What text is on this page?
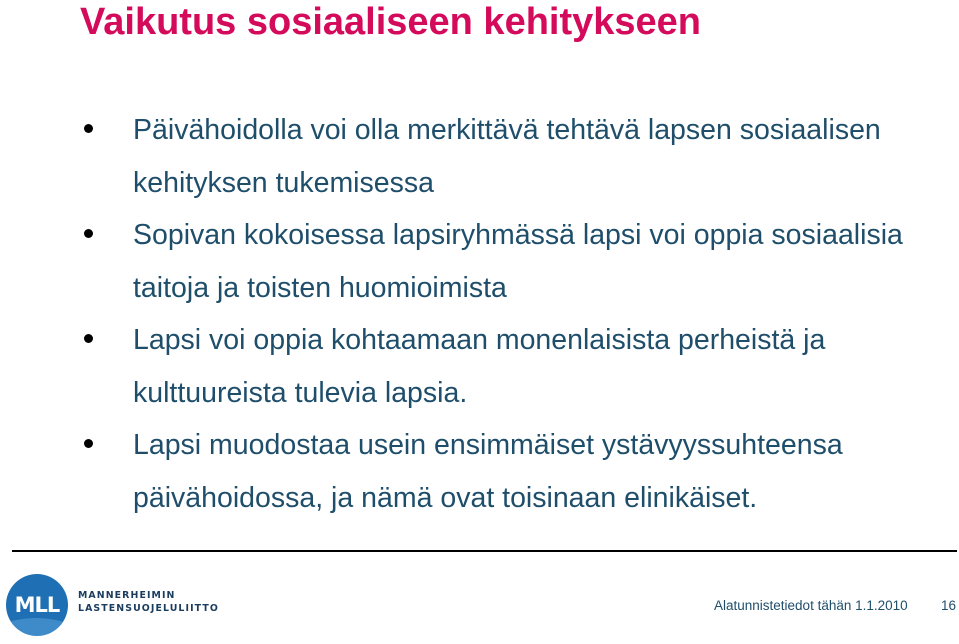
Vaikutus sosiaaliseen kehitykseen
Päivähoidolla voi olla merkittävä tehtävä lapsen sosiaalisen kehityksen tukemisessa
Sopivan kokoisessa lapsiryhmässä lapsi voi oppia sosiaalisia taitoja ja toisten huomioimista
Lapsi voi oppia kohtaamaan monenlaisista perheistä ja kulttuureista tulevia lapsia.
Lapsi muodostaa usein ensimmäiset ystävyyssuhteensa päivähoidossa, ja nämä ovat toisinaan elinikäiset.
MLL	MANNERHEIMIN
LASTENSUOJELULIITTO	Alatunnistetiedot tähän 1.1.2010 16
